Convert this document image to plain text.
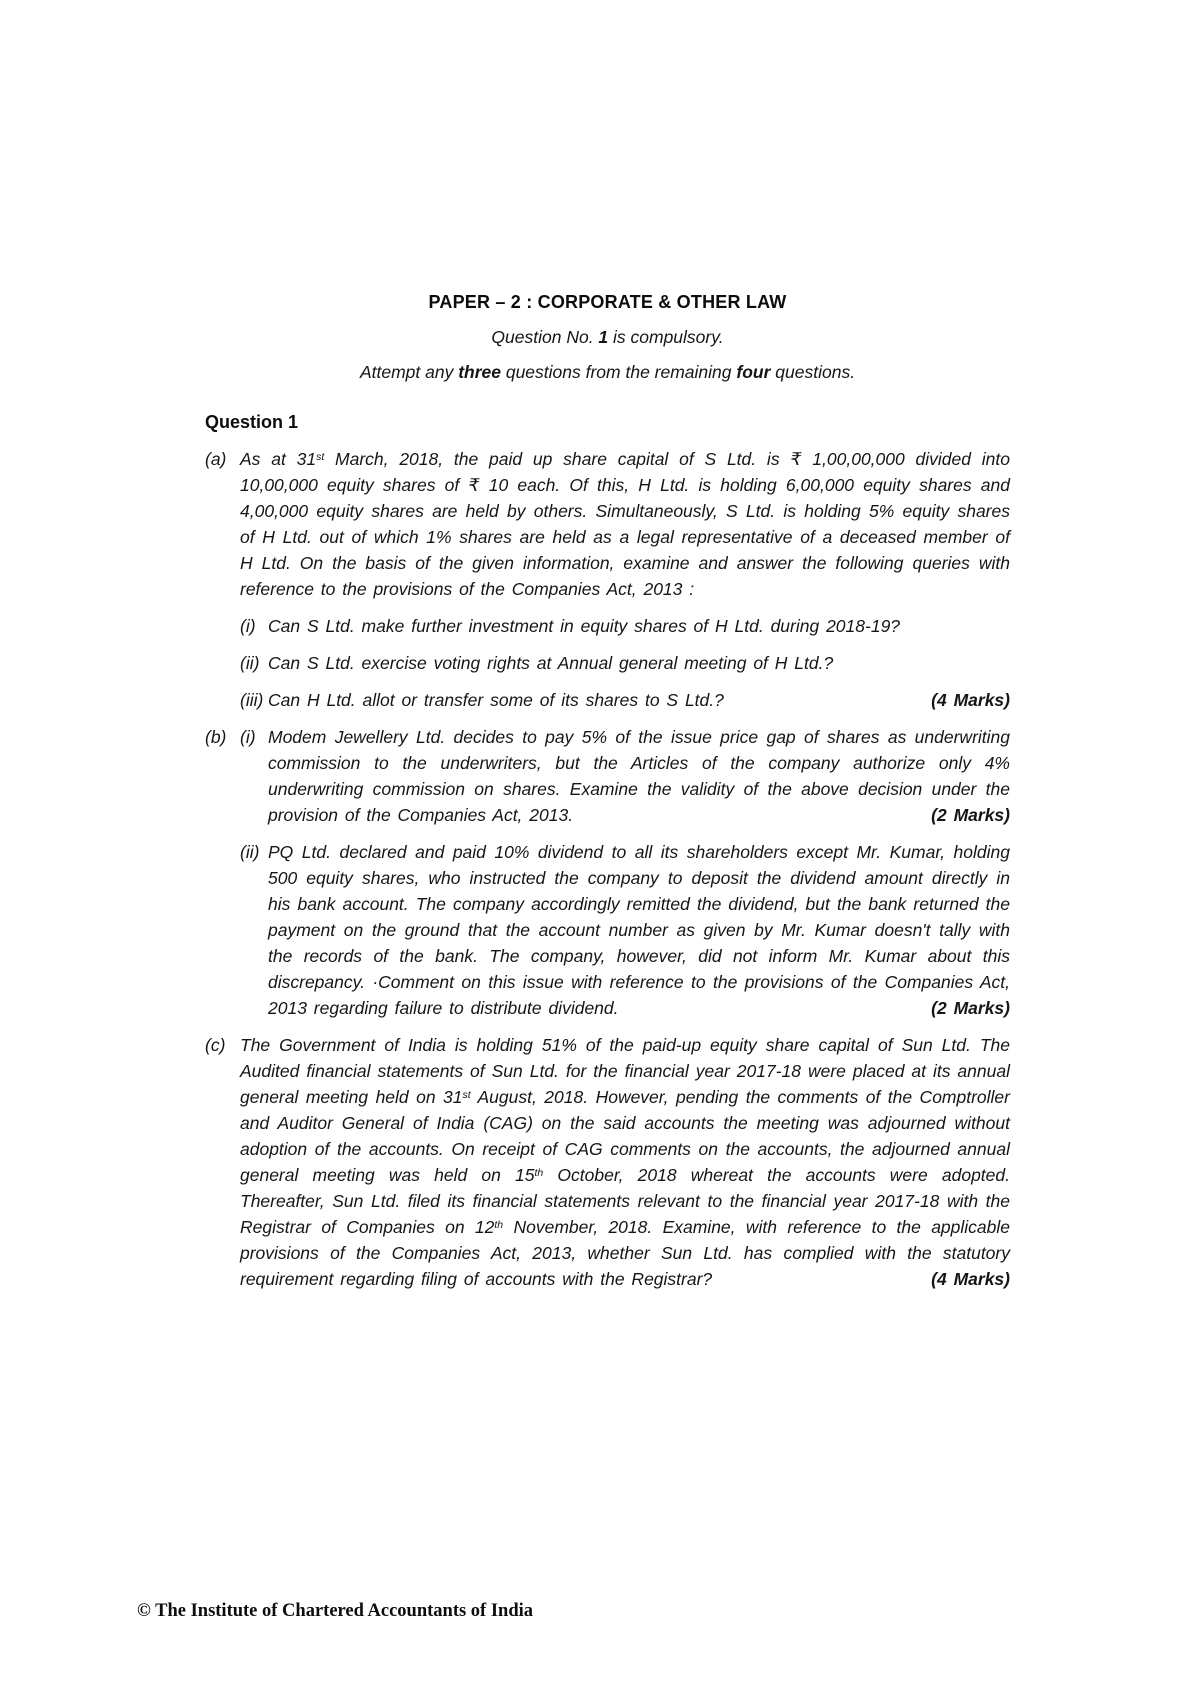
PAPER – 2 : CORPORATE & OTHER LAW
Question No. 1 is compulsory.
Attempt any three questions from the remaining four questions.
Question 1
(a) As at 31st March, 2018, the paid up share capital of S Ltd. is ₹ 1,00,00,000 divided into 10,00,000 equity shares of ₹ 10 each. Of this, H Ltd. is holding 6,00,000 equity shares and 4,00,000 equity shares are held by others. Simultaneously, S Ltd. is holding 5% equity shares of H Ltd. out of which 1% shares are held as a legal representative of a deceased member of H Ltd. On the basis of the given information, examine and answer the following queries with reference to the provisions of the Companies Act, 2013 :

(i) Can S Ltd. make further investment in equity shares of H Ltd. during 2018-19?

(ii) Can S Ltd. exercise voting rights at Annual general meeting of H Ltd.?

(iii) Can H Ltd. allot or transfer some of its shares to S Ltd.?	(4 Marks)
(b) (i) Modem Jewellery Ltd. decides to pay 5% of the issue price gap of shares as underwriting commission to the underwriters, but the Articles of the company authorize only 4% underwriting commission on shares. Examine the validity of the above decision under the provision of the Companies Act, 2013.	(2 Marks)
(ii) PQ Ltd. declared and paid 10% dividend to all its shareholders except Mr. Kumar, holding 500 equity shares, who instructed the company to deposit the dividend amount directly in his bank account. The company accordingly remitted the dividend, but the bank returned the payment on the ground that the account number as given by Mr. Kumar doesn't tally with the records of the bank. The company, however, did not inform Mr. Kumar about this discrepancy. ·Comment on this issue with reference to the provisions of the Companies Act, 2013 regarding failure to distribute dividend.	(2 Marks)
(c) The Government of India is holding 51% of the paid-up equity share capital of Sun Ltd. The Audited financial statements of Sun Ltd. for the financial year 2017-18 were placed at its annual general meeting held on 31st August, 2018. However, pending the comments of the Comptroller and Auditor General of India (CAG) on the said accounts the meeting was adjourned without adoption of the accounts. On receipt of CAG comments on the accounts, the adjourned annual general meeting was held on 15th October, 2018 whereat the accounts were adopted. Thereafter, Sun Ltd. filed its financial statements relevant to the financial year 2017-18 with the Registrar of Companies on 12th November, 2018. Examine, with reference to the applicable provisions of the Companies Act, 2013, whether Sun Ltd. has complied with the statutory requirement regarding filing of accounts with the Registrar?	(4 Marks)
© The Institute of Chartered Accountants of India
